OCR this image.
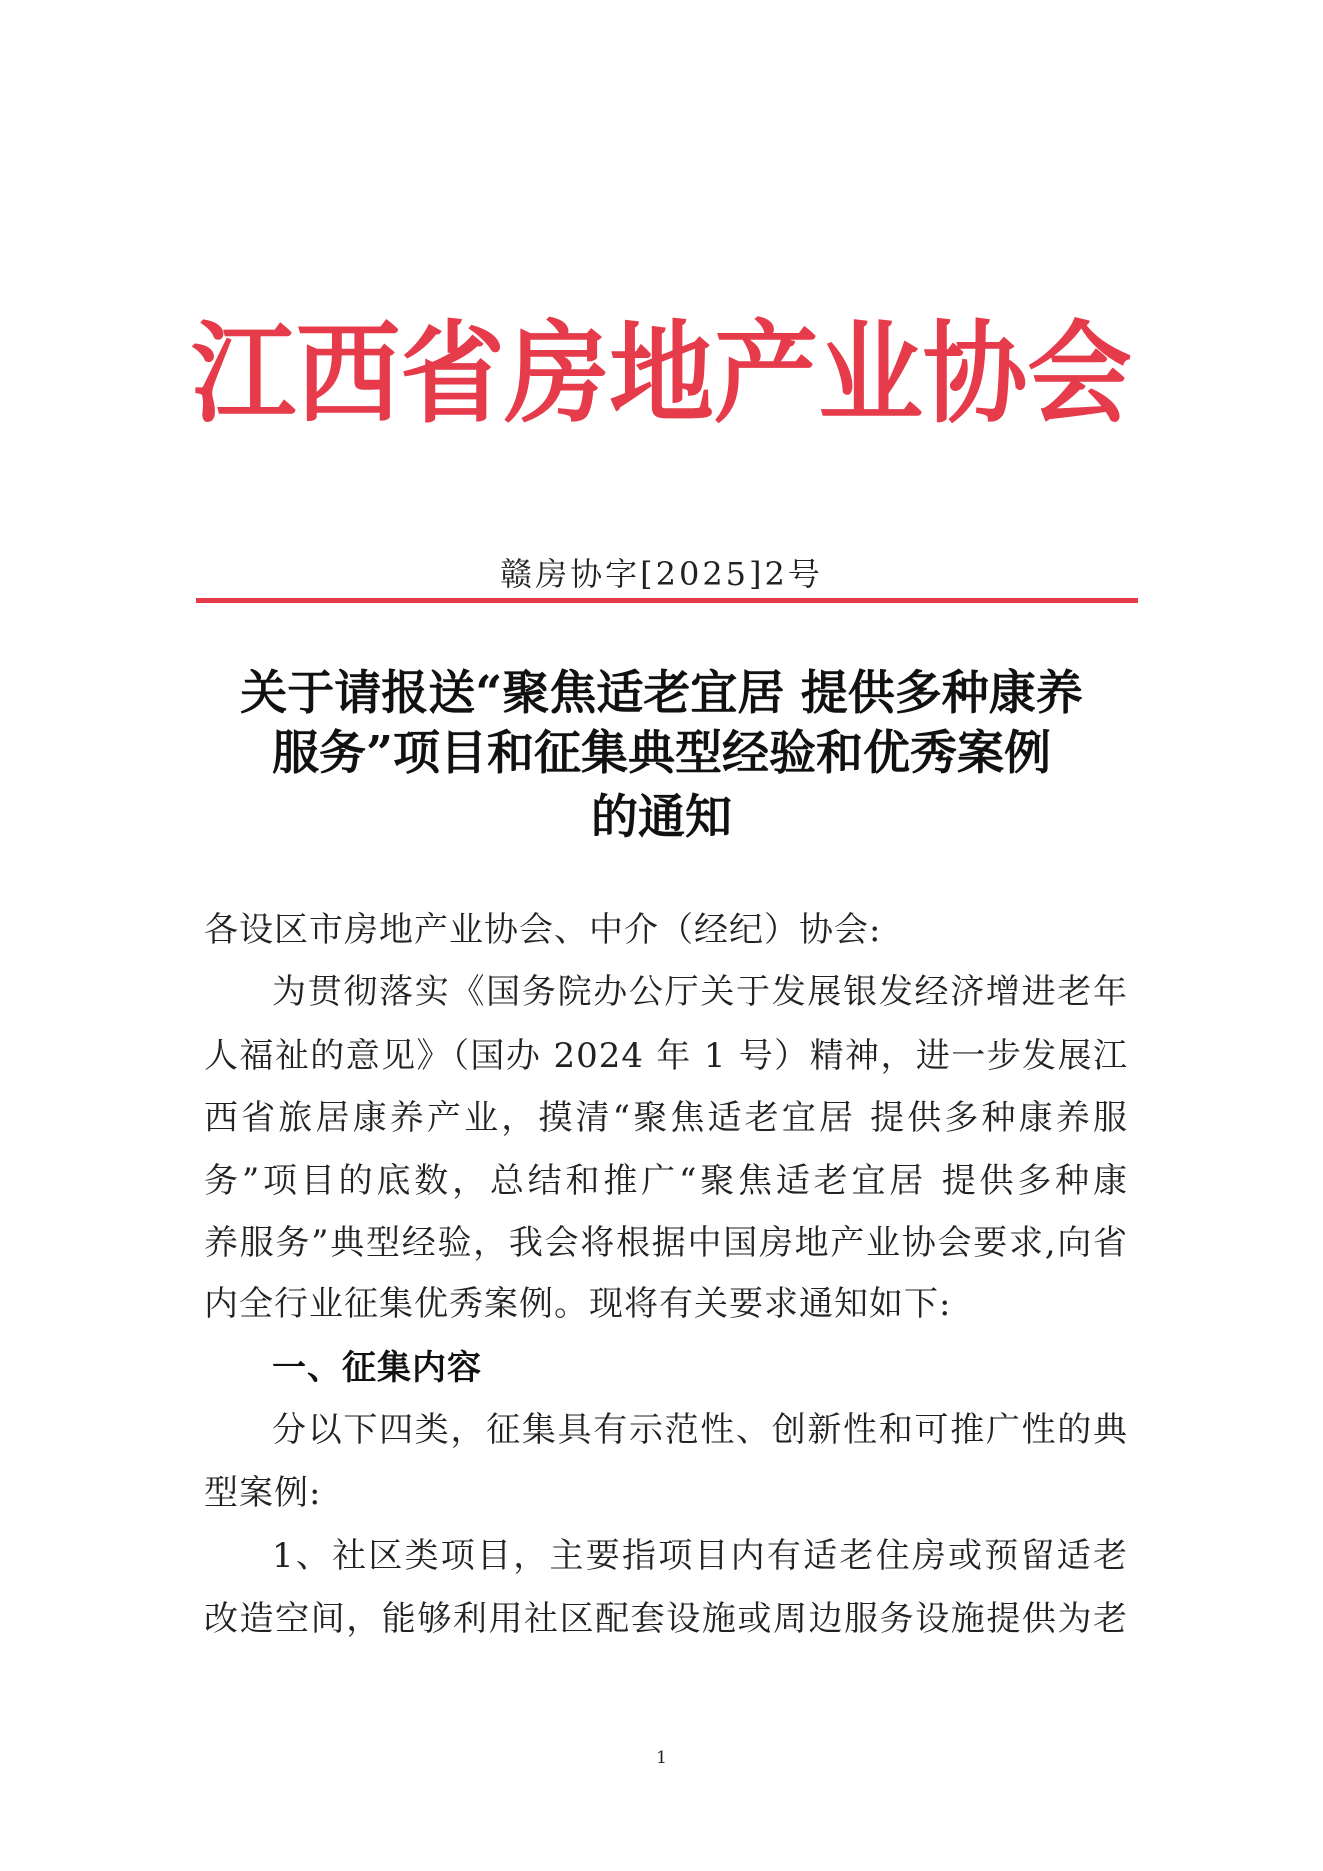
江西省房地产业协会
赣房协字[2025]2号
关于请报送“聚焦适老宜居 提供多种康养
服务”项目和征集典型经验和优秀案例
的通知
各设区市房地产业协会、中介（经纪）协会:
为贯彻落实《国务院办公厅关于发展银发经济增进老年
人福祉的意见》（国办 2024 年 1 号）精神，进一步发展江
西省旅居康养产业，摸清“聚焦适老宜居 提供多种康养服
务”项目的底数，总结和推广“聚焦适老宜居 提供多种康
养服务”典型经验，我会将根据中国房地产业协会要求,向省
内全行业征集优秀案例。现将有关要求通知如下:
一、征集内容
分以下四类，征集具有示范性、创新性和可推广性的典
型案例:
1、社区类项目，主要指项目内有适老住房或预留适老
改造空间，能够利用社区配套设施或周边服务设施提供为老
1
